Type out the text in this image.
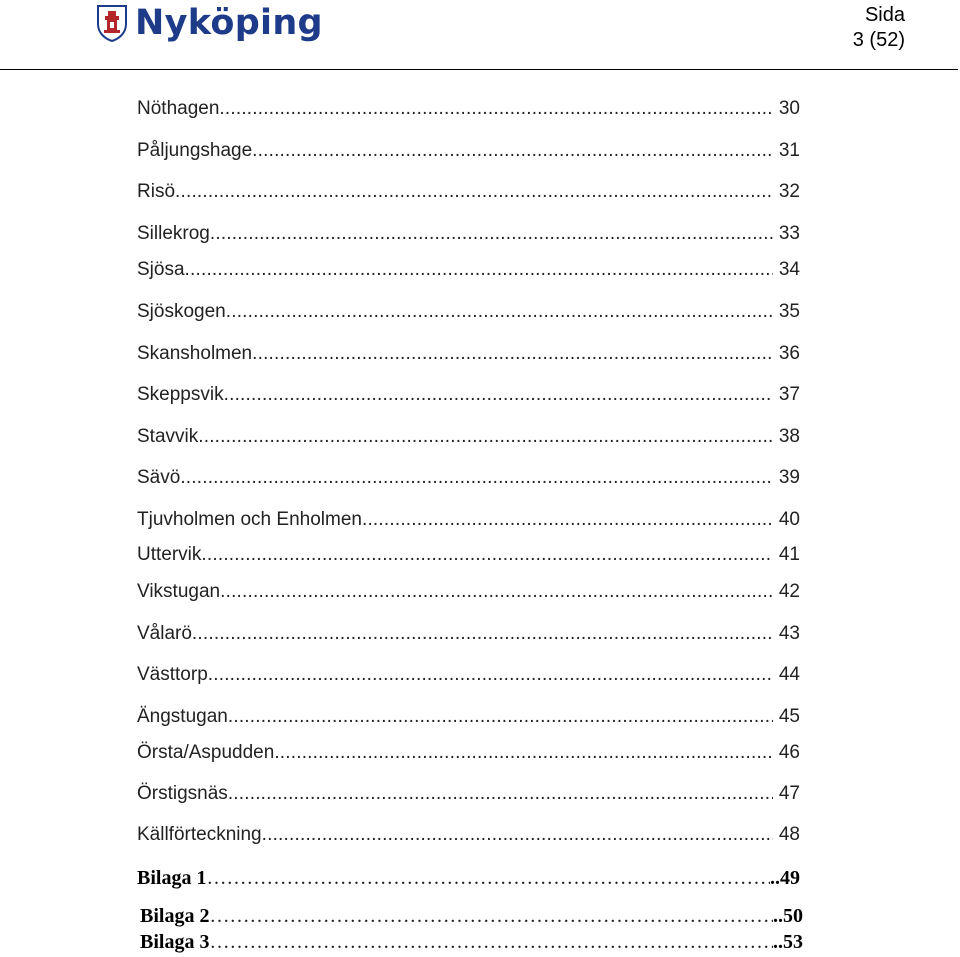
Nyköping	Sida
3 (52)
Nöthagen .....	30
Påljungshage .....	31
Risö .....	32
Sillekrog .....	33
Sjösa .....	34
Sjöskogen .....	35
Skansholmen .....	36
Skeppsvik .....	37
Stavvik .....	38
Sävö .....	39
Tjuvholmen och Enholmen .....	40
Uttervik .....	41
Vikstugan .....	42
Vålarö .....	43
Västtorp .....	44
Ängstugan .....	45
Örsta/Aspudden .....	46
Örstigsnäs .....	47
Källförteckning .....	48
Bilaga 1 ………………………………………………………………………………………………………………………………………………………	..49
Bilaga 2 ………………………………………………………………………………………………………………………………………………………	..50
Bilaga 3 ………………………………………………………………………………………………………………………………………………………	..53
